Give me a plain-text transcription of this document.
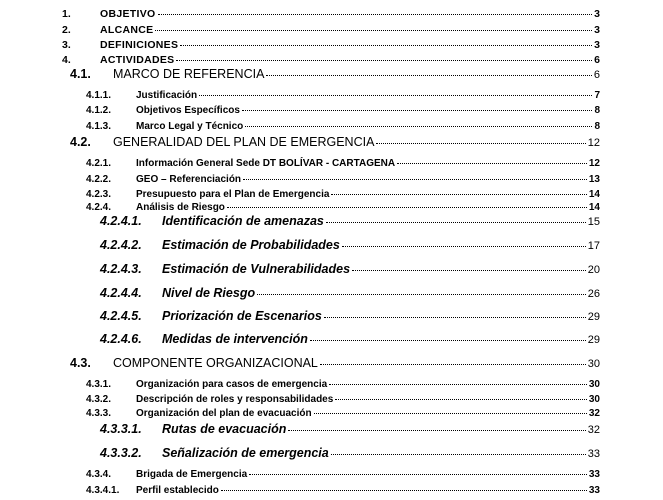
1.	OBJETIVO	3
2.	ALCANCE	3
3.	DEFINICIONES	3
4.	ACTIVIDADES	6
4.1.	MARCO DE REFERENCIA	6
4.1.1.	Justificación	7
4.1.2.	Objetivos Específicos	8
4.1.3.	Marco Legal y Técnico	8
4.2.	GENERALIDAD DEL PLAN DE EMERGENCIA	12
4.2.1.	Información General Sede DT BOLÍVAR - CARTAGENA	12
4.2.2.	GEO – Referenciación	13
4.2.3.	Presupuesto para el Plan de Emergencia	14
4.2.4.	Análisis de Riesgo	14
4.2.4.1.	Identificación de amenazas	15
4.2.4.2.	Estimación de Probabilidades	17
4.2.4.3.	Estimación de Vulnerabilidades	20
4.2.4.4.	Nivel de Riesgo	26
4.2.4.5.	Priorización de Escenarios	29
4.2.4.6.	Medidas de intervención	29
4.3.	COMPONENTE ORGANIZACIONAL	30
4.3.1.	Organización para casos de emergencia	30
4.3.2.	Descripción de roles y responsabilidades	30
4.3.3.	Organización del plan de evacuación	32
4.3.3.1.	Rutas de evacuación	32
4.3.3.2.	Señalización de emergencia	33
4.3.4.	Brigada de Emergencia	33
4.3.4.1.	Perfil establecido	33
